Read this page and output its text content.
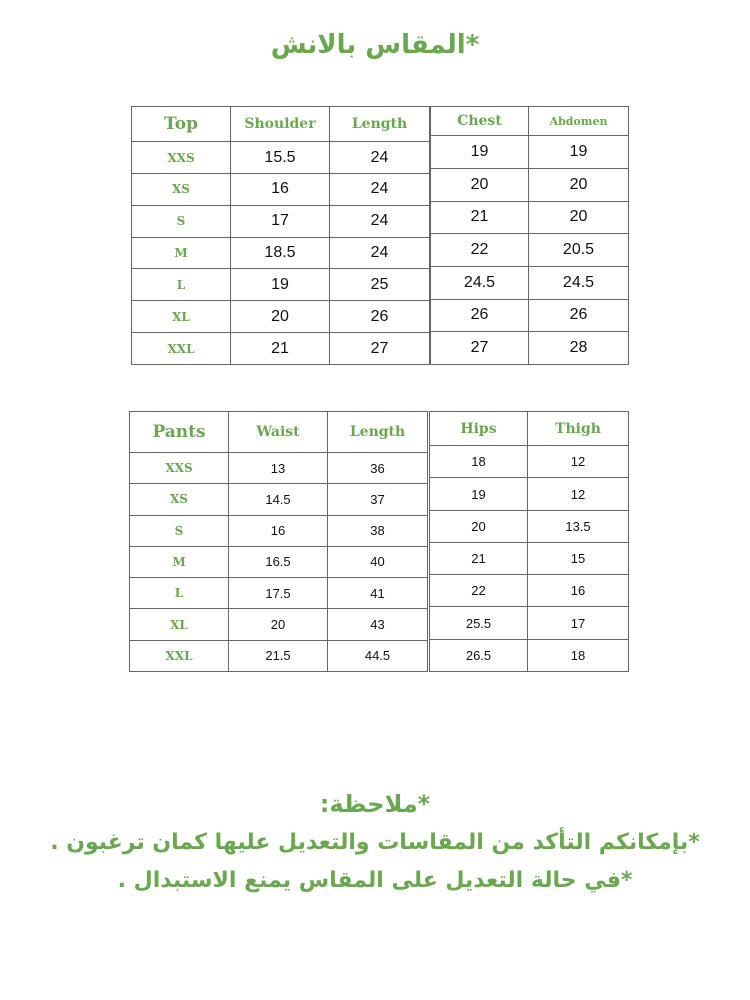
*المقاس بالانش
Top	Shoulder	Length
XXS	15.5	24
XS	16	24
S	17	24
M	18.5	24
L	19	25
XL	20	26
XXL	21	27
Chest	Abdomen
19	19
20	20
21	20
22	20.5
24.5	24.5
26	26
27	28
Pants	Waist	Length
XXS	13	36
XS	14.5	37
S	16	38
M	16.5	40
L	17.5	41
XL	20	43
XXL	21.5	44.5
Hips	Thigh
18	12
19	12
20	13.5
21	15
22	16
25.5	17
26.5	18
*ملاحظة:
*بإمكانكم التأكد من المقاسات والتعديل عليها كمان ترغبون .
*في حالة التعديل على المقاس يمنع الاستبدال .
